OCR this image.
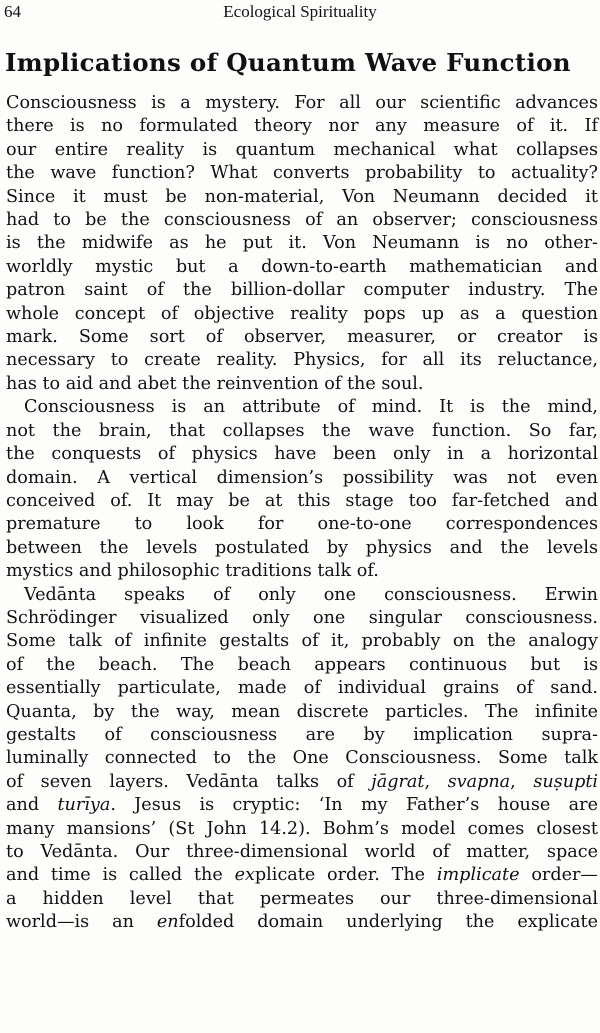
64	Ecological Spirituality
Implications of Quantum Wave Function

Consciousness is a mystery. For all our scientific advances
there is no formulated theory nor any measure of it. If
our entire reality is quantum mechanical what collapses
the wave function? What converts probability to actuality?
Since it must be non-material, Von Neumann decided it
had to be the consciousness of an observer; consciousness
is the midwife as he put it. Von Neumann is no other-
worldly mystic but a down-to-earth mathematician and
patron saint of the billion-dollar computer industry. The
whole concept of objective reality pops up as a question
mark. Some sort of observer, measurer, or creator is
necessary to create reality. Physics, for all its reluctance,
has to aid and abet the reinvention of the soul.

Consciousness is an attribute of mind. It is the mind,
not the brain, that collapses the wave function. So far,
the conquests of physics have been only in a horizontal
domain. A vertical dimension’s possibility was not even
conceived of. It may be at this stage too far-fetched and
premature to look for one-to-one correspondences
between the levels postulated by physics and the levels
mystics and philosophic traditions talk of.

Vedānta speaks of only one consciousness. Erwin
Schrödinger visualized only one singular consciousness.
Some talk of infinite gestalts of it, probably on the analogy
of the beach. The beach appears continuous but is
essentially particulate, made of individual grains of sand.
Quanta, by the way, mean discrete particles. The infinite
gestalts of consciousness are by implication supra-
luminally connected to the One Consciousness. Some talk
of seven layers. Vedānta talks of jāgrat, svapna, suṣupti
and turīya. Jesus is cryptic: ‘In my Father’s house are
many mansions’ (St John 14.2). Bohm’s model comes closest
to Vedānta. Our three-dimensional world of matter, space
and time is called the explicate order. The implicate order—
a hidden level that permeates our three-dimensional
world—is an enfolded domain underlying the explicate
